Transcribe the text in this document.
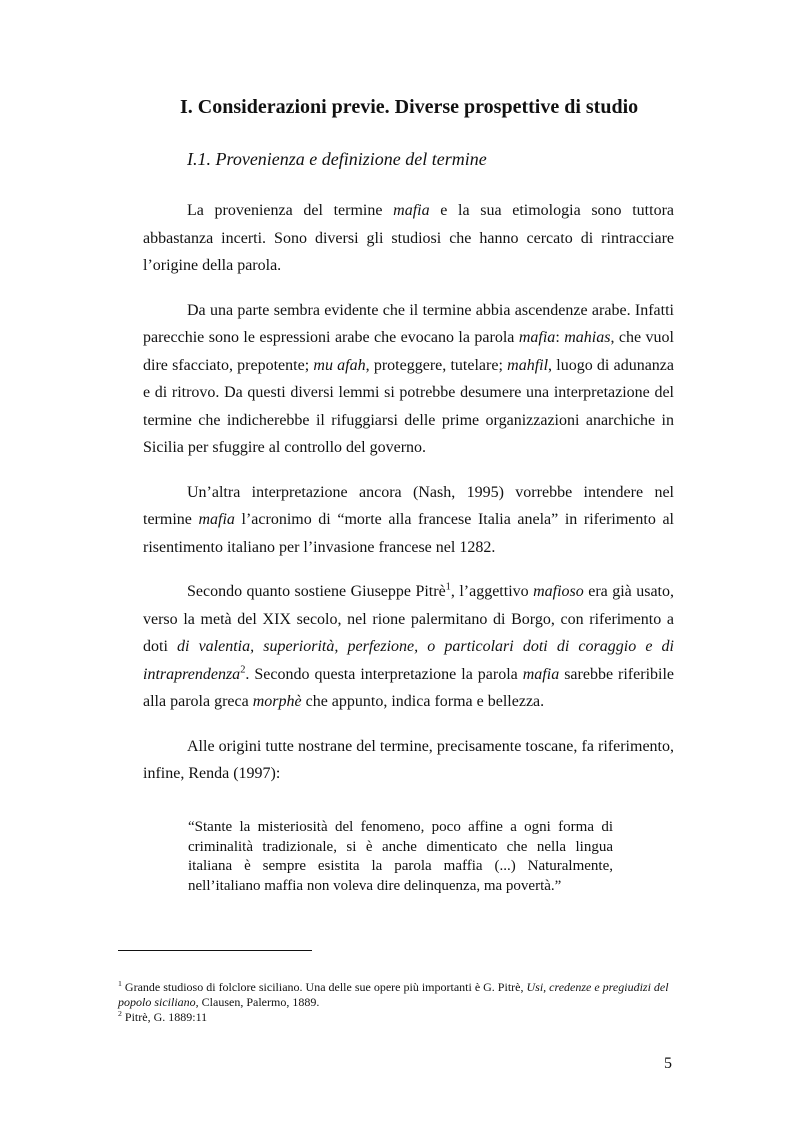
I. Considerazioni previe. Diverse prospettive di studio
I.1. Provenienza e definizione del termine

La provenienza del termine mafia e la sua etimologia sono tuttora abbastanza incerti. Sono diversi gli studiosi che hanno cercato di rintracciare l’origine della parola.

Da una parte sembra evidente che il termine abbia ascendenze arabe. Infatti parecchie sono le espressioni arabe che evocano la parola mafia: mahias, che vuol dire sfacciato, prepotente; mu afah, proteggere, tutelare; mahfil, luogo di adunanza e di ritrovo. Da questi diversi lemmi si potrebbe desumere una interpretazione del termine che indicherebbe il rifuggiarsi delle prime organizzazioni anarchiche in Sicilia per sfuggire al controllo del governo.

Un’altra interpretazione ancora (Nash, 1995) vorrebbe intendere nel termine mafia l’acronimo di “morte alla francese Italia anela” in riferimento al risentimento italiano per l’invasione francese nel 1282.

Secondo quanto sostiene Giuseppe Pitrè$^1$, l’aggettivo mafioso era già usato, verso la metà del XIX secolo, nel rione palermitano di Borgo, con riferimento a doti di valentia, superiorità, perfezione, o particolari doti di coraggio e di intraprendenza$^2$. Secondo questa interpretazione la parola mafia sarebbe riferibile alla parola greca morphè che appunto, indica forma e bellezza.

Alle origini tutte nostrane del termine, precisamente toscane, fa riferimento, infine, Renda (1997):

“Stante la misteriosità del fenomeno, poco affine a ogni forma di criminalità tradizionale, si è anche dimenticato che nella lingua italiana è sempre esistita la parola maffia (...) Naturalmente, nell’italiano maffia non voleva dire delinquenza, ma povertà.”

$^1$ Grande studioso di folclore siciliano. Una delle sue opere più importanti è G. Pitrè, Usi, credenze e pregiudizi del popolo siciliano, Clausen, Palermo, 1889.

$^2$ Pitrè, G. 1889:11

5
